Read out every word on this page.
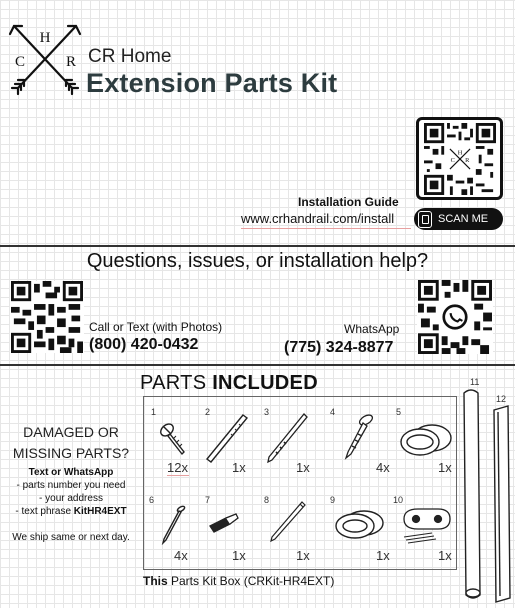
H
C	R CR Home
Extension Parts Kit
H
C	R
Installation Guide
www.crhandrail.com/install	SCAN ME
Questions, issues, or installation help?
Call or Text (with Photos)
(800) 420-0432
WhatsApp
(775) 324-8877
PARTS INCLUDED
DAMAGED OR
MISSING PARTS?
Text or WhatsApp
- parts number you need
- your address
- text phrase KitHR4EXT
We ship same or next day.
1
12x
2
1x
3
1x
4
4x
5
1x
6
4x
7
1x
8
1x
9
1x
10
1x
11
12
This Parts Kit Box (CRKit-HR4EXT)
